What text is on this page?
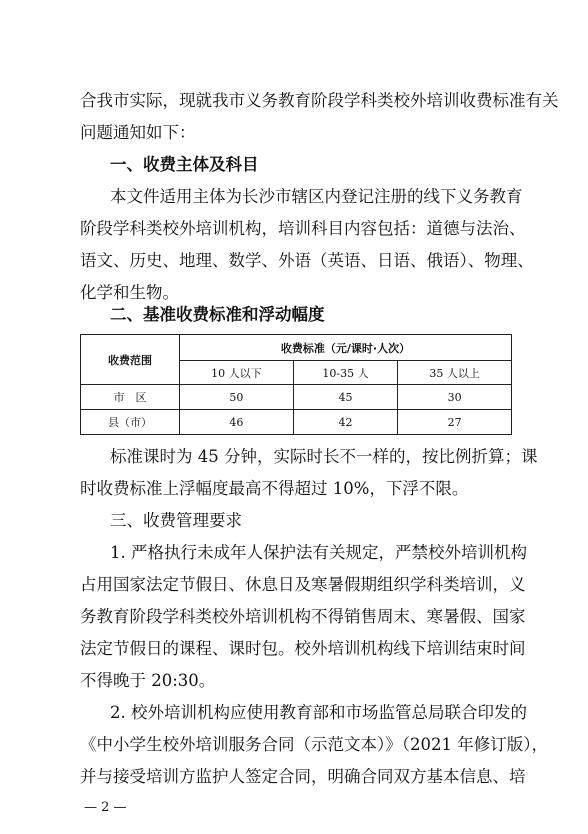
合我市实际，现就我市义务教育阶段学科类校外培训收费标准有关
问题通知如下：
一、收费主体及科目
本文件适用主体为长沙市辖区内登记注册的线下义务教育
阶段学科类校外培训机构，培训科目内容包括：道德与法治、
语文、历史、地理、数学、外语（英语、日语、俄语）、物理、
化学和生物。
二、基准收费标准和浮动幅度
收费范围	收费标准（元/课时·人次）		
	10 人以下	10-35 人	35 人以上
市　区	50	45	30
县（市）	46	42	27
标准课时为 45 分钟，实际时长不一样的，按比例折算；课
时收费标准上浮幅度最高不得超过 10%，下浮不限。
三、收费管理要求
1. 严格执行未成年人保护法有关规定，严禁校外培训机构
占用国家法定节假日、休息日及寒暑假期组织学科类培训，义
务教育阶段学科类校外培训机构不得销售周末、寒暑假、国家
法定节假日的课程、课时包。校外培训机构线下培训结束时间
不得晚于 20:30。
2. 校外培训机构应使用教育部和市场监管总局联合印发的
《中小学生校外培训服务合同（示范文本）》（2021 年修订版），
并与接受培训方监护人签定合同，明确合同双方基本信息、培
— 2 —
